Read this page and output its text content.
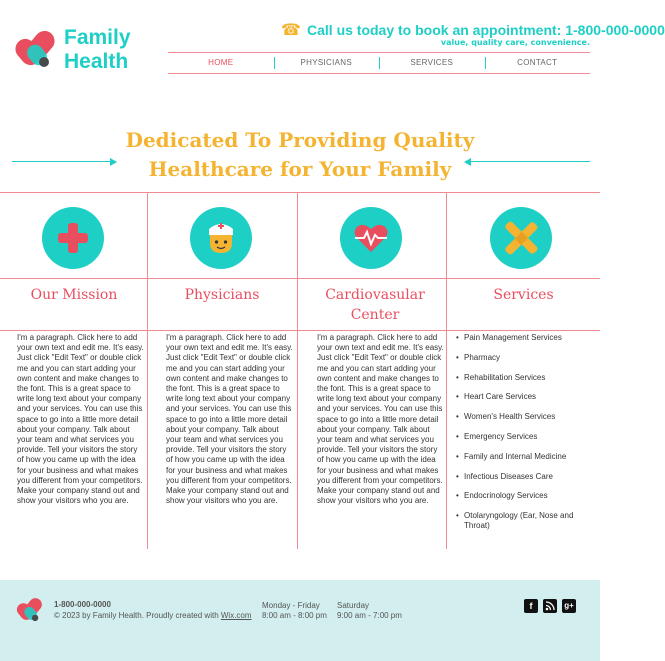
Family
Health
☎ Call us today to book an appointment: 1-800-000-0000
value, quality care, convenience.
HOME	PHYSICIANS	SERVICES	CONTACT
Dedicated To Providing Quality
Healthcare for Your Family
Our Mission	Physicians	Cardiovasular Center
Services
I'm a paragraph. Click here to add your own text and edit me. It's easy. Just click "Edit Text" or double click me and you can start adding your own content and make changes to the font. This is a great space to write long text about your company and your services. You can use this space to go into a little more detail about your company. Talk about your team and what services you provide. Tell your visitors the story of how you came up with the idea for your business and what makes you different from your competitors. Make your company stand out and show your visitors who you are.
I'm a paragraph. Click here to add your own text and edit me. It's easy. Just click "Edit Text" or double click me and you can start adding your own content and make changes to the font. This is a great space to write long text about your company and your services. You can use this space to go into a little more detail about your company. Talk about your team and what services you provide. Tell your visitors the story of how you came up with the idea for your business and what makes you different from your competitors. Make your company stand out and show your visitors who you are.
I'm a paragraph. Click here to add your own text and edit me. It's easy. Just click "Edit Text" or double click me and you can start adding your own content and make changes to the font. This is a great space to write long text about your company and your services. You can use this space to go into a little more detail about your company. Talk about your team and what services you provide. Tell your visitors the story of how you came up with the idea for your business and what makes you different from your competitors. Make your company stand out and show your visitors who you are.
• Pain Management Services
• Pharmacy
• Rehabilitation Services
• Heart Care Services
• Women's Health Services
• Emergency Services
• Family and Internal Medicine
• Infectious Diseases Care
• Endocrinology Services
• Otolaryngology (Ear, Nose and Throat)
1-800-000-0000
© 2023 by Family Health. Proudly created with Wix.com
Monday - Friday
8:00 am - 8:00 pm
Saturday
9:00 am - 7:00 pm
f	g+
